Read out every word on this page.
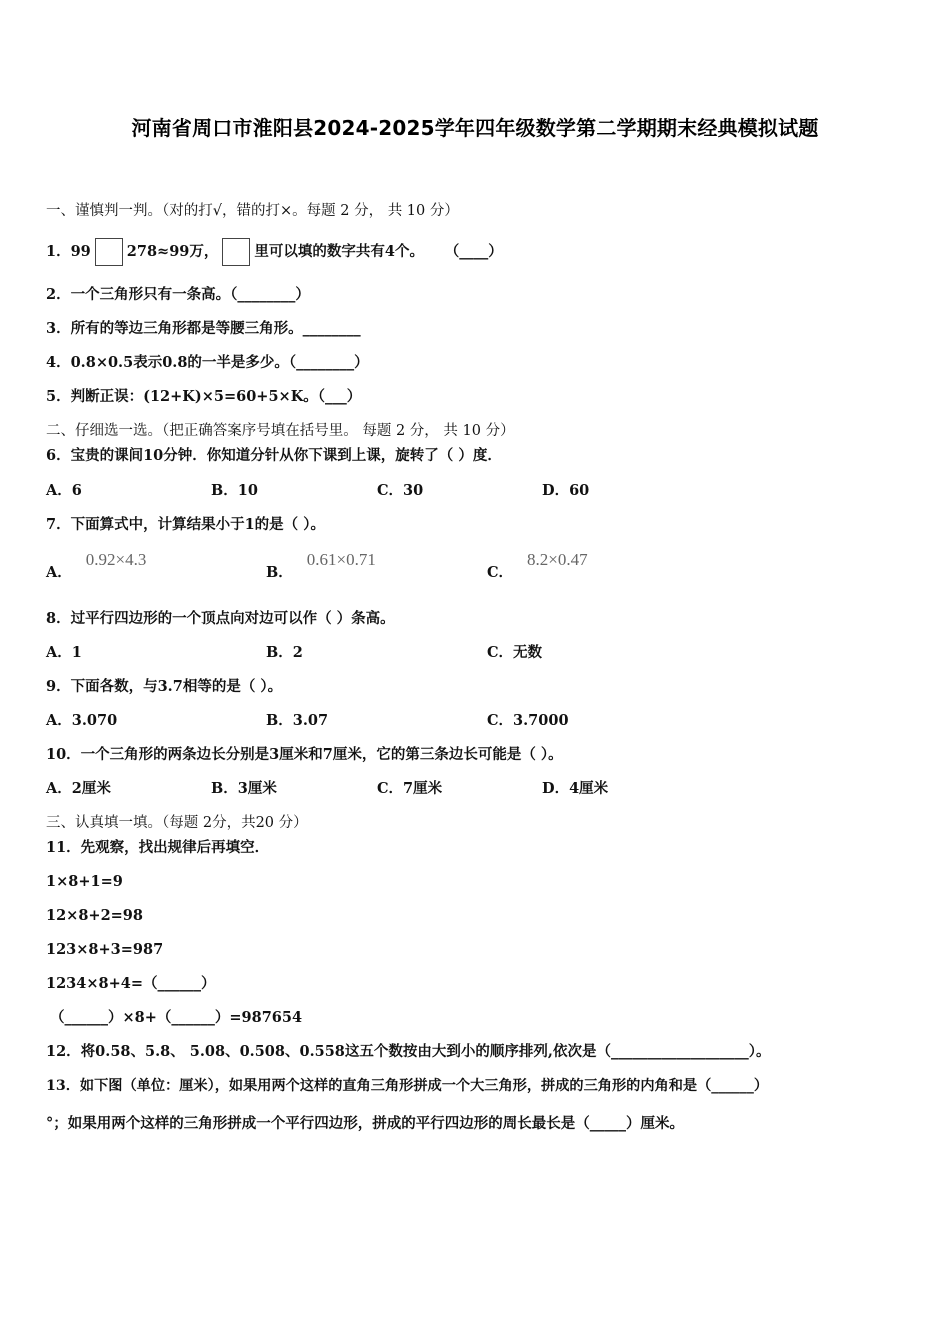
河南省周口市淮阳县2024-2025学年四年级数学第二学期期末经典模拟试题
一、谨慎判一判。（对的打√，错的打×。每题 2 分， 共 10 分）
1．99 278≈99万， 里可以填的数字共有4个。 （____）
2．一个三角形只有一条高。（________）
3．所有的等边三角形都是等腰三角形。________
4．0.8×0.5表示0.8的一半是多少。（________）
5．判断正误：(12+K)×5=60+5×K。（___）
二、仔细选一选。（把正确答案序号填在括号里。 每题 2 分， 共 10 分）
6．宝贵的课间10分钟．你知道分针从你下课到上课，旋转了（ ）度．
A．6	B．10	C．30	D．60
7．下面算式中，计算结果小于1的是（ ）。
A．0.92×4.3
B．0.61×0.71
C．8.2×0.47
8．过平行四边形的一个顶点向对边可以作（ ）条高。
A．1	B．2	C．无数
9．下面各数，与3.7相等的是（ ）。
A．3.070	B．3.07	C．3.7000
10．一个三角形的两条边长分别是3厘米和7厘米，它的第三条边长可能是（ ）。
A．2厘米	B．3厘米	C．7厘米	D．4厘米
三、认真填一填。（每题 2分，共20 分）
11．先观察，找出规律后再填空．
1×8+1=9
12×8+2=98
123×8+3=987
1234×8+4=（______）
（______）×8+（______）=987654
12．将0.58、5.8、 5.08、0.508、0.558这五个数按由大到小的顺序排列,依次是（___________________）。
13．如下图（单位：厘米），如果用两个这样的直角三角形拼成一个大三角形，拼成的三角形的内角和是（______）
°；如果用两个这样的三角形拼成一个平行四边形，拼成的平行四边形的周长最长是（_____）厘米。
